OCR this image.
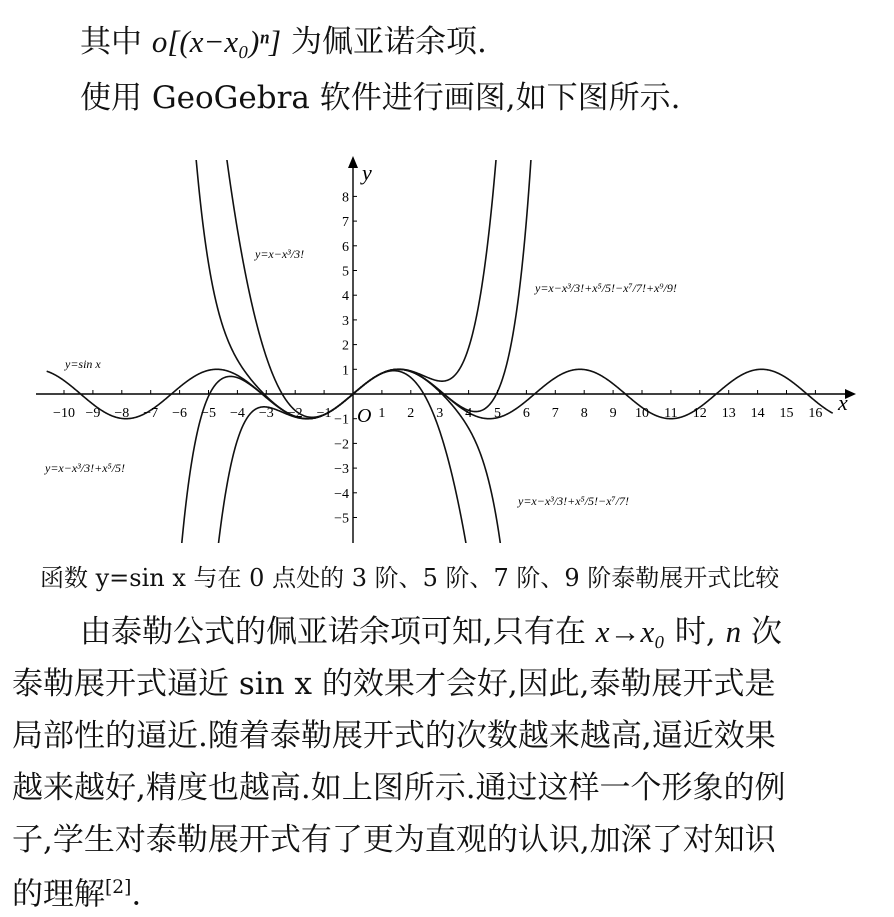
其中 o[(x−x₀)ⁿ] 为佩亚诺余项.
使用 GeoGebra 软件进行画图,如下图所示.
−10 −9 −8 −7 −6 −5 −4 −3 −2 −1	1 2 3 4 5 6 7 8 9 10 11 12 13 14 15 16
−5
−4
−3
−2
−1
1
2
3
4
5
6
7
8
x
y
O
y=sin x
y=x−x³/3!
y=x−x³/3!+x⁵/5!
y=x−x³/3!+x⁵/5!−x⁷/7!
y=x−x³/3!+x⁵/5!−x⁷/7!+x⁹/9!
函数 y=sin x 与在 0 点处的 3 阶、5 阶、7 阶、9 阶泰勒展开式比较
由泰勒公式的佩亚诺余项可知,只有在 x→x₀ 时, n 次
泰勒展开式逼近 sin x 的效果才会好,因此,泰勒展开式是
局部性的逼近.随着泰勒展开式的次数越来越高,逼近效果
越来越好,精度也越高.如上图所示.通过这样一个形象的例
子,学生对泰勒展开式有了更为直观的认识,加深了对知识
的理解[2].
